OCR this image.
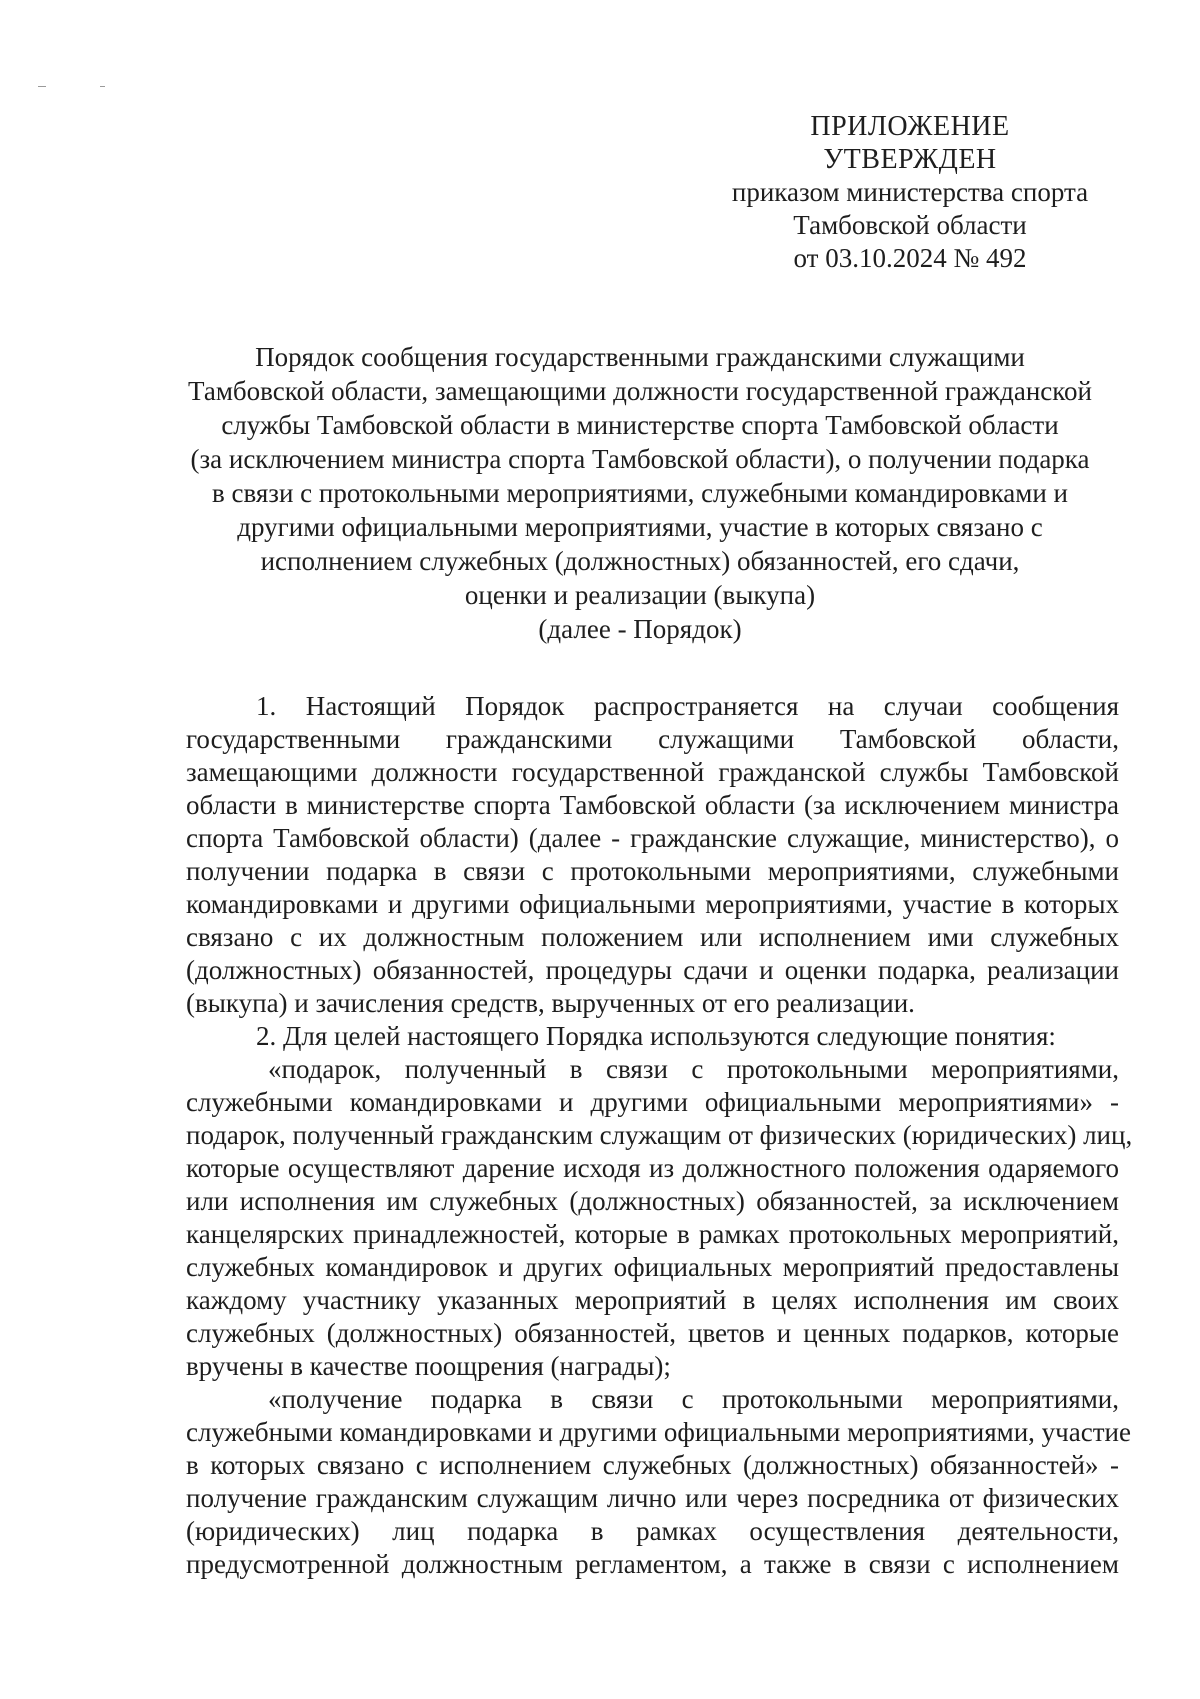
ПРИЛОЖЕНИЕ
УТВЕРЖДЕН
приказом министерства спорта
Тамбовской области
от 03.10.2024 № 492
Порядок сообщения государственными гражданскими служащими
Тамбовской области, замещающими должности государственной гражданской
службы Тамбовской области в министерстве спорта Тамбовской области
(за исключением министра спорта Тамбовской области), о получении подарка
в связи с протокольными мероприятиями, служебными командировками и
другими официальными мероприятиями, участие в которых связано с
исполнением служебных (должностных) обязанностей, его сдачи,
оценки и реализации (выкупа)
(далее - Порядок)
1. Настоящий Порядок распространяется на случаи сообщения
государственными гражданскими служащими Тамбовской области,
замещающими должности государственной гражданской службы Тамбовской
области в министерстве спорта Тамбовской области (за исключением министра
спорта Тамбовской области) (далее - гражданские служащие, министерство), о
получении подарка в связи с протокольными мероприятиями, служебными
командировками и другими официальными мероприятиями, участие в которых
связано с их должностным положением или исполнением ими служебных
(должностных) обязанностей, процедуры сдачи и оценки подарка, реализации
(выкупа) и зачисления средств, вырученных от его реализации.
2. Для целей настоящего Порядка используются следующие понятия:
«подарок, полученный в связи с протокольными мероприятиями,
служебными командировками и другими официальными мероприятиями» -
подарок, полученный гражданским служащим от физических (юридических) лиц,
которые осуществляют дарение исходя из должностного положения одаряемого
или исполнения им служебных (должностных) обязанностей, за исключением
канцелярских принадлежностей, которые в рамках протокольных мероприятий,
служебных командировок и других официальных мероприятий предоставлены
каждому участнику указанных мероприятий в целях исполнения им своих
служебных (должностных) обязанностей, цветов и ценных подарков, которые
вручены в качестве поощрения (награды);
«получение подарка в связи с протокольными мероприятиями,
служебными командировками и другими официальными мероприятиями, участие
в которых связано с исполнением служебных (должностных) обязанностей» -
получение гражданским служащим лично или через посредника от физических
(юридических) лиц подарка в рамках осуществления деятельности,
предусмотренной должностным регламентом, а также в связи с исполнением
